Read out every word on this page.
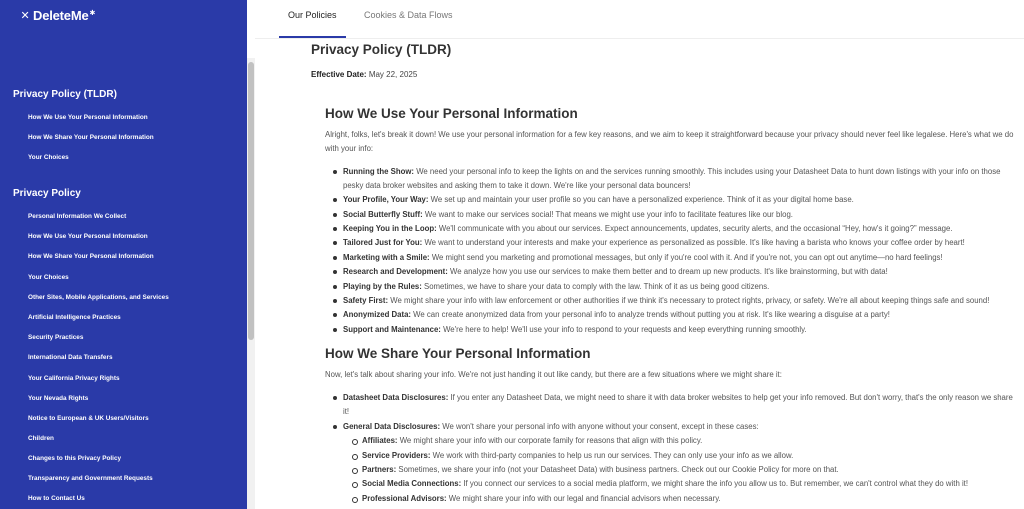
✕ DeleteMe ✱
Privacy Policy (TLDR)
How We Use Your Personal Information
How We Share Your Personal Information
Your Choices
Privacy Policy
Personal Information We Collect
How We Use Your Personal Information
How We Share Your Personal Information
Your Choices
Other Sites, Mobile Applications, and Services
Artificial Intelligence Practices
Security Practices
International Data Transfers
Your California Privacy Rights
Your Nevada Rights
Notice to European & UK Users/Visitors
Children
Changes to this Privacy Policy
Transparency and Government Requests
How to Contact Us
Our Policies	Cookies & Data Flows
Privacy Policy (TLDR)
Effective Date: May 22, 2025
How We Use Your Personal Information
Alright, folks, let's break it down! We use your personal information for a few key reasons, and we aim to keep it straightforward because your privacy should never feel like legalese. Here's what we do with your info:
Running the Show: We need your personal info to keep the lights on and the services running smoothly. This includes using your Datasheet Data to hunt down listings with your info on those pesky data broker websites and asking them to take it down. We're like your personal data bouncers!
Your Profile, Your Way: We set up and maintain your user profile so you can have a personalized experience. Think of it as your digital home base.
Social Butterfly Stuff: We want to make our services social! That means we might use your info to facilitate features like our blog.
Keeping You in the Loop: We'll communicate with you about our services. Expect announcements, updates, security alerts, and the occasional “Hey, how's it going?” message.
Tailored Just for You: We want to understand your interests and make your experience as personalized as possible. It's like having a barista who knows your coffee order by heart!
Marketing with a Smile: We might send you marketing and promotional messages, but only if you're cool with it. And if you're not, you can opt out anytime—no hard feelings!
Research and Development: We analyze how you use our services to make them better and to dream up new products. It's like brainstorming, but with data!
Playing by the Rules: Sometimes, we have to share your data to comply with the law. Think of it as us being good citizens.
Safety First: We might share your info with law enforcement or other authorities if we think it's necessary to protect rights, privacy, or safety. We're all about keeping things safe and sound!
Anonymized Data: We can create anonymized data from your personal info to analyze trends without putting you at risk. It's like wearing a disguise at a party!
Support and Maintenance: We're here to help! We'll use your info to respond to your requests and keep everything running smoothly.
How We Share Your Personal Information
Now, let's talk about sharing your info. We're not just handing it out like candy, but there are a few situations where we might share it:
Datasheet Data Disclosures: If you enter any Datasheet Data, we might need to share it with data broker websites to help get your info removed. But don't worry, that's the only reason we share it!
General Data Disclosures: We won't share your personal info with anyone without your consent, except in these cases:
Affiliates: We might share your info with our corporate family for reasons that align with this policy.
Service Providers: We work with third-party companies to help us run our services. They can only use your info as we allow.
Partners: Sometimes, we share your info (not your Datasheet Data) with business partners. Check out our Cookie Policy for more on that.
Social Media Connections: If you connect our services to a social media platform, we might share the info you allow us to. But remember, we can't control what they do with it!
Professional Advisors: We might share your info with our legal and financial advisors when necessary.
